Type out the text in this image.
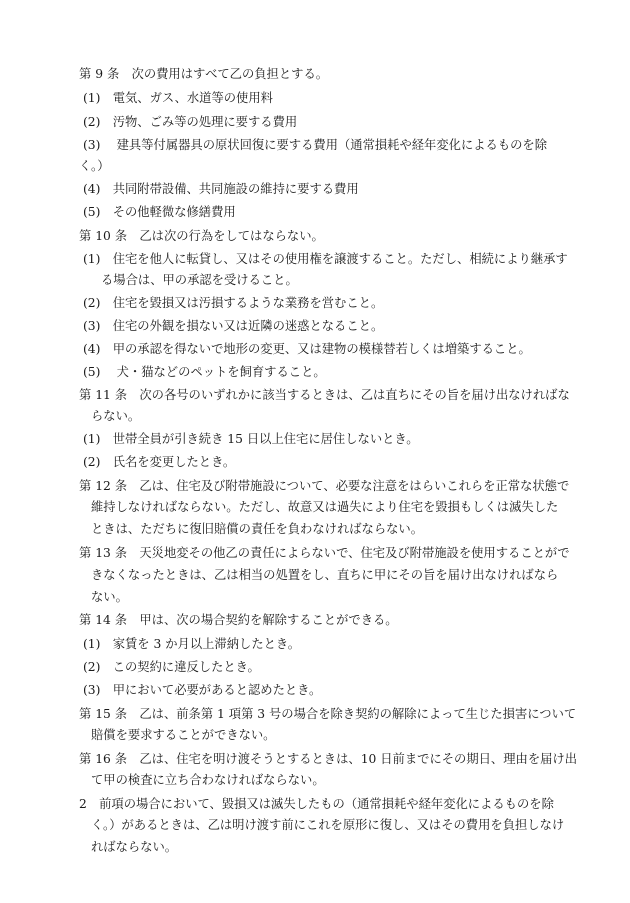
第 9 条　次の費用はすべて乙の負担とする。
(1)　電気、ガス、水道等の使用料
(2)　汚物、ごみ等の処理に要する費用
(3)　 建具等付属器具の原状回復に要する費用（通常損耗や経年変化によるものを除
く。）
(4)　共同附帯設備、共同施設の維持に要する費用
(5)　その他軽微な修繕費用
第 10 条　乙は次の行為をしてはならない。
(1)　住宅を他人に転貸し、又はその使用権を譲渡すること。ただし、相続により継承す
る場合は、甲の承認を受けること。
(2)　住宅を毀損又は汚損するような業務を営むこと。
(3)　住宅の外観を損ない又は近隣の迷惑となること。
(4)　甲の承認を得ないで地形の変更、又は建物の模様替若しくは増築すること。
(5)　 犬・猫などのペットを飼育すること。
第 11 条　次の各号のいずれかに該当するときは、乙は直ちにその旨を届け出なければな
らない。
(1)　世帯全員が引き続き 15 日以上住宅に居住しないとき。
(2)　氏名を変更したとき。
第 12 条　乙は、住宅及び附帯施設について、必要な注意をはらいこれらを正常な状態で
維持しなければならない。ただし、故意又は過失により住宅を毀損もしくは滅失した
ときは、ただちに復旧賠償の責任を負わなければならない。
第 13 条　天災地変その他乙の責任によらないで、住宅及び附帯施設を使用することがで
きなくなったときは、乙は相当の処置をし、直ちに甲にその旨を届け出なければなら
ない。
第 14 条　甲は、次の場合契約を解除することができる。
(1)　家賃を 3 か月以上滞納したとき。
(2)　この契約に違反したとき。
(3)　甲において必要があると認めたとき。
第 15 条　乙は、前条第 1 項第 3 号の場合を除き契約の解除によって生じた損害について
賠償を要求することができない。
第 16 条　乙は、住宅を明け渡そうとするときは、10 日前までにその期日、理由を届け出
て甲の検査に立ち合わなければならない。
2　前項の場合において、毀損又は滅失したもの（通常損耗や経年変化によるものを除
く。）があるときは、乙は明け渡す前にこれを原形に復し、又はその費用を負担しなけ
ればならない。
